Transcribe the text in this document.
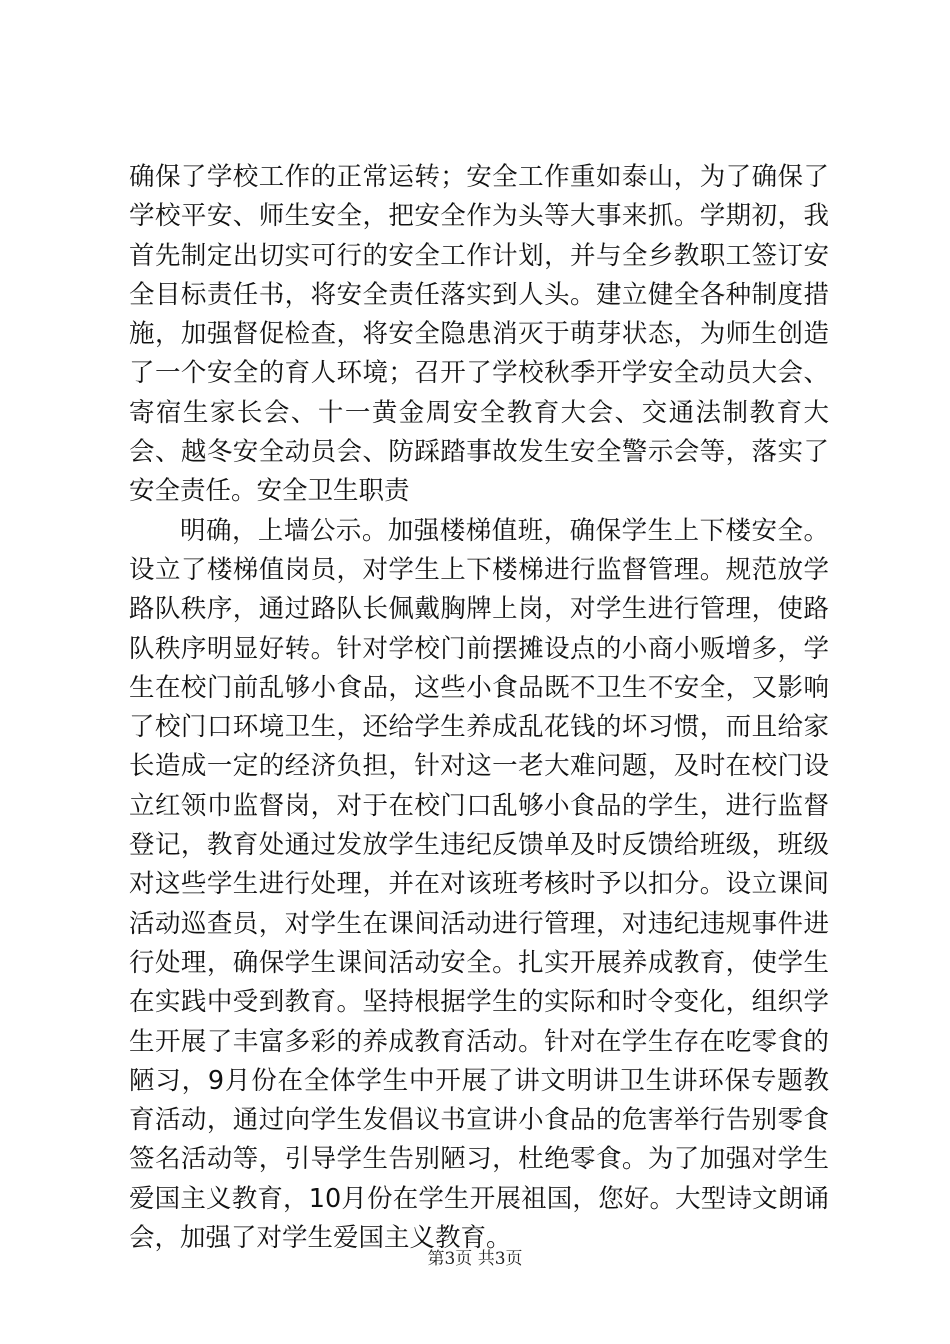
确保了学校工作的正常运转；安全工作重如泰山，为了确保了学校平安、师生安全，把安全作为头等大事来抓。学期初，我首先制定出切实可行的安全工作计划，并与全乡教职工签订安全目标责任书，将安全责任落实到人头。建立健全各种制度措施，加强督促检查，将安全隐患消灭于萌芽状态，为师生创造了一个安全的育人环境；召开了学校秋季开学安全动员大会、寄宿生家长会、十一黄金周安全教育大会、交通法制教育大会、越冬安全动员会、防踩踏事故发生安全警示会等，落实了安全责任。安全卫生职责

明确，上墙公示。加强楼梯值班，确保学生上下楼安全。设立了楼梯值岗员，对学生上下楼梯进行监督管理。规范放学路队秩序，通过路队长佩戴胸牌上岗，对学生进行管理，使路队秩序明显好转。针对学校门前摆摊设点的小商小贩增多，学生在校门前乱够小食品，这些小食品既不卫生不安全，又影响了校门口环境卫生，还给学生养成乱花钱的坏习惯，而且给家长造成一定的经济负担，针对这一老大难问题，及时在校门设立红领巾监督岗，对于在校门口乱够小食品的学生，进行监督登记，教育处通过发放学生违纪反馈单及时反馈给班级，班级对这些学生进行处理，并在对该班考核时予以扣分。设立课间活动巡查员，对学生在课间活动进行管理，对违纪违规事件进行处理，确保学生课间活动安全。扎实开展养成教育，使学生在实践中受到教育。坚持根据学生的实际和时令变化，组织学生开展了丰富多彩的养成教育活动。针对在学生存在吃零食的陋习，9月份在全体学生中开展了讲文明讲卫生讲环保专题教育活动，通过向学生发倡议书宣讲小食品的危害举行告别零食签名活动等，引导学生告别陋习，杜绝零食。为了加强对学生爱国主义教育，10月份在学生开展祖国，您好。大型诗文朗诵会，加强了对学生爱国主义教育。

第3页 共3页
